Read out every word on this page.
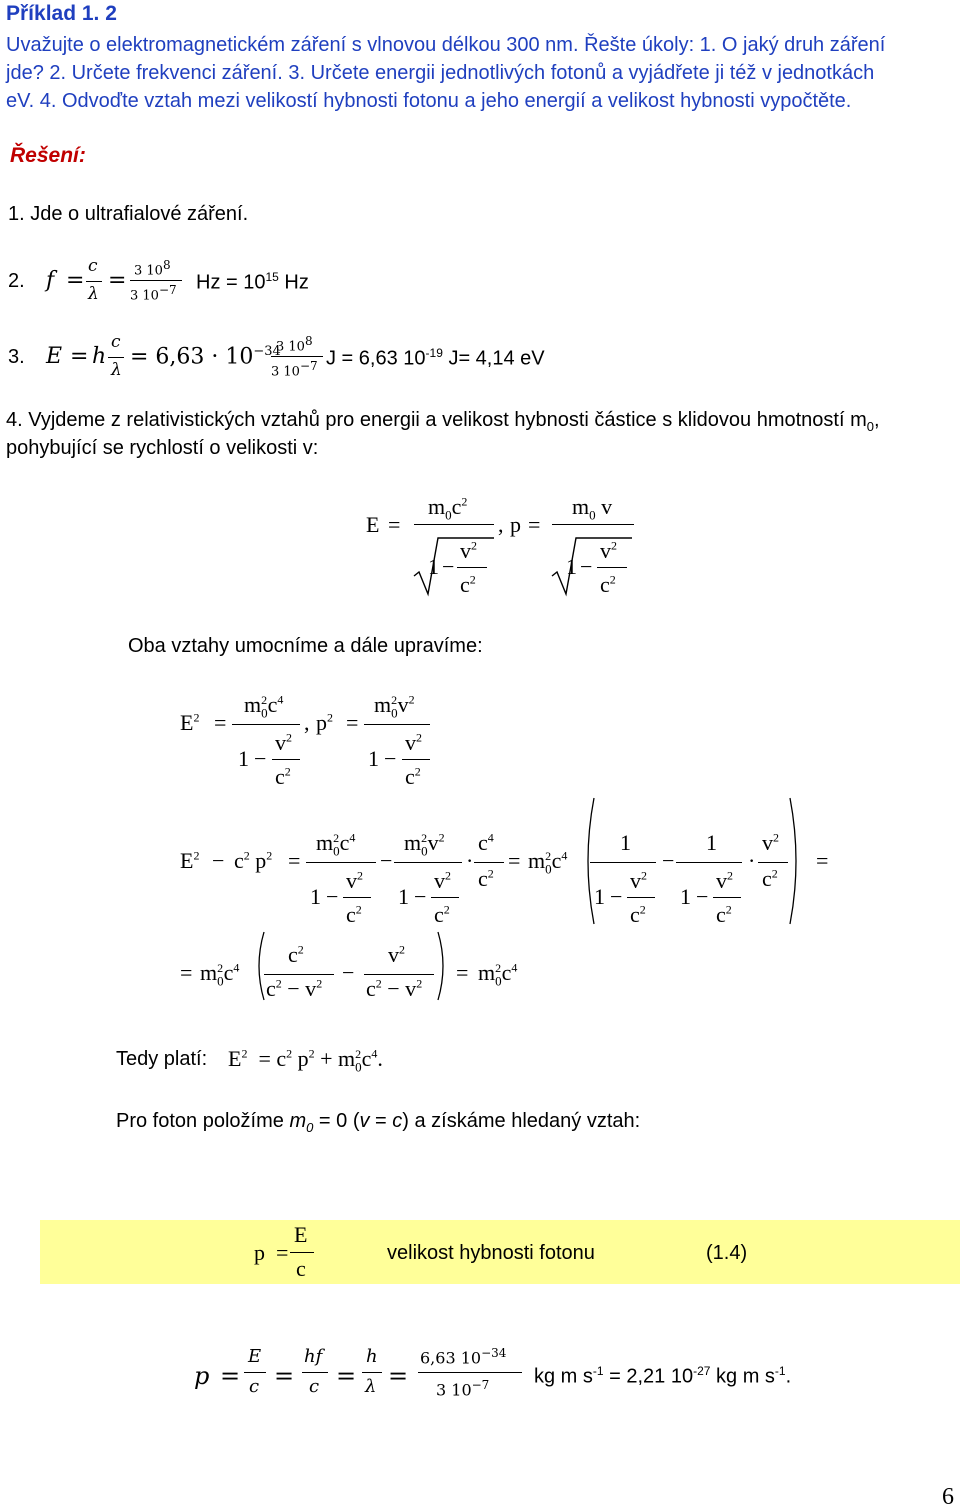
Příklad 1. 2
Uvažujte o elektromagnetickém záření s vlnovou délkou 300 nm. Řešte úkoly: 1. O jaký druh záření
jde? 2. Určete frekvenci záření. 3. Určete energii jednotlivých fotonů a vyjádřete ji též v jednotkách
eV. 4. Odvoďte vztah mezi velikostí hybnosti fotonu a jeho energií a velikost hybnosti vypočtěte.
Řešení:
1. Jde o ultrafialové záření.
2. f =
c
λ
= 3 108
3 10−7 $Hz = 10^{15}$ Hz
3. E = h
c
λ
= $6,63 \cdot 10^{-34}$
3 108
3 10−7 J = 6,63 $10^{-19}$ J= 4,14 eV
4. Vyjdeme z relativistických vztahů pro energii a velikost hybnosti částice s klidovou hmotností $m_0$,
pohybující se rychlostí o velikosti v:
E =
$m_0c^2$
1 −
$v^2$
$c^2$
, p =
$m_0$ v
1 −
$v^2$
$c^2$
Oba vztahy umocníme a dále upravíme:
$E^2$ =
$m^2_0c^4$
1 −
$v^2$
$c^2$
, $p^2$ =
$m^2_0v^2$
1 −
$v^2$
$c^2$
$E^2 - c^2$ $p^2$ =
$m^2_0c^4$
1 −
$v^2$
$c^2$
−
$m^2_0v^2$
1 −
$v^2$
$c^2$
·
$c^4$
$c^2$
= $m^2_0c^4$
1
1 −
$v^2$
$c^2$
−
1
1 −
$v^2$
$c^2$
·
$v^2$
$c^2$
=
= $m^2_0c^4$
$c^2$
$c^2 - v^2$ −
$v^2$
$c^2 - v^2 = m^2_0c^4$
Tedy platí: $E^2 = c^2$ $p^2 + m^2_0c^4$.
Pro foton položíme $m_0 = 0$ (v = c) a získáme hledaný vztah:
p  =
E
c
velikost hybnosti fotonu	(1.4)
p =
E
c =
hf
c =
h
λ =
6,63 $10^{-34}$
3 $10^{-7}$ kg m $s^{-1} = 2,21$ $10^{-27}$ kg m $s^{-1}$.
6
